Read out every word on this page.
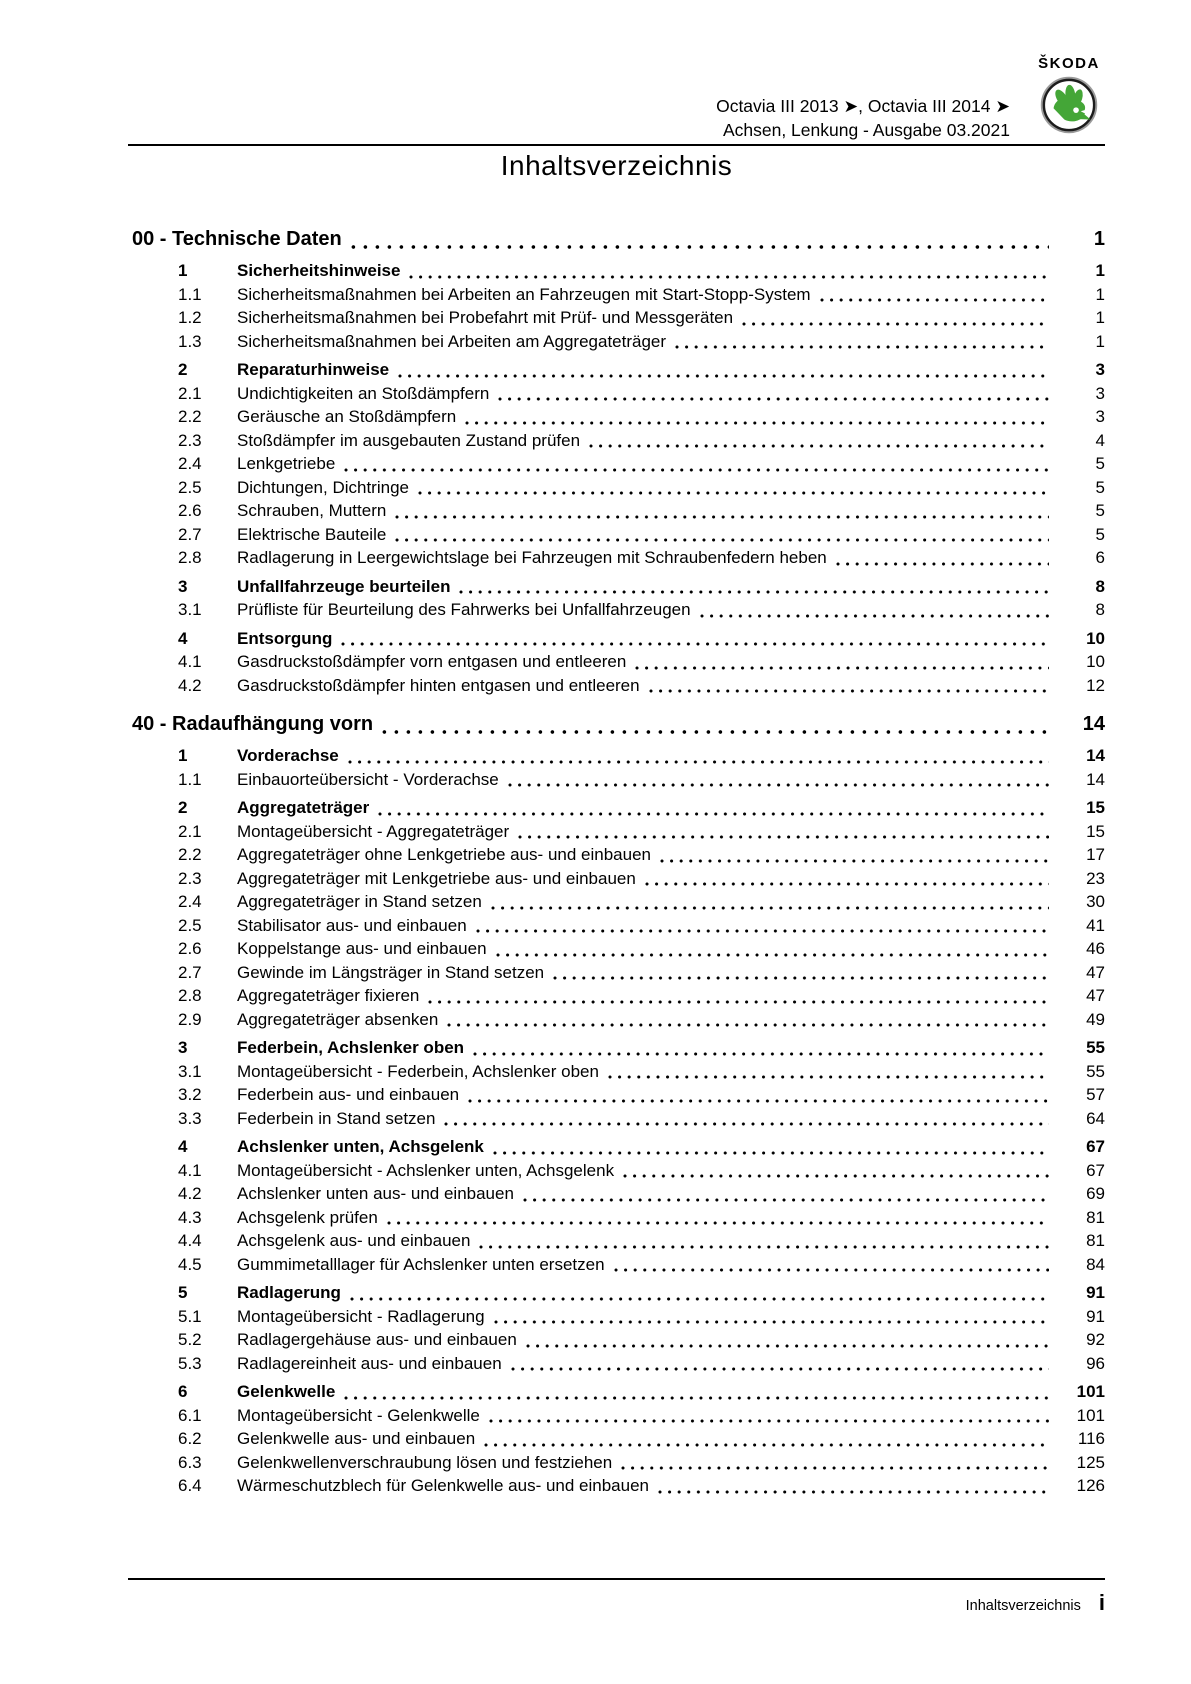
Octavia III 2013 ➤, Octavia III 2014 ➤
Achsen, Lenkung - Ausgabe 03.2021
ŠKODA
Inhaltsverzeichnis
00 - Technische Daten	1
1	Sicherheitshinweise	1
1.1	Sicherheitsmaßnahmen bei Arbeiten an Fahrzeugen mit Start-Stopp-System	1
1.2	Sicherheitsmaßnahmen bei Probefahrt mit Prüf- und Messgeräten	1
1.3	Sicherheitsmaßnahmen bei Arbeiten am Aggregateträger	1
2	Reparaturhinweise	3
2.1	Undichtigkeiten an Stoßdämpfern	3
2.2	Geräusche an Stoßdämpfern	3
2.3	Stoßdämpfer im ausgebauten Zustand prüfen	4
2.4	Lenkgetriebe	5
2.5	Dichtungen, Dichtringe	5
2.6	Schrauben, Muttern	5
2.7	Elektrische Bauteile	5
2.8	Radlagerung in Leergewichtslage bei Fahrzeugen mit Schraubenfedern heben	6
3	Unfallfahrzeuge beurteilen	8
3.1	Prüfliste für Beurteilung des Fahrwerks bei Unfallfahrzeugen	8
4	Entsorgung	10
4.1	Gasdruckstoßdämpfer vorn entgasen und entleeren	10
4.2	Gasdruckstoßdämpfer hinten entgasen und entleeren	12
40 - Radaufhängung vorn	14
1	Vorderachse	14
1.1	Einbauorteübersicht - Vorderachse	14
2	Aggregateträger	15
2.1	Montageübersicht - Aggregateträger	15
2.2	Aggregateträger ohne Lenkgetriebe aus- und einbauen	17
2.3	Aggregateträger mit Lenkgetriebe aus- und einbauen	23
2.4	Aggregateträger in Stand setzen	30
2.5	Stabilisator aus- und einbauen	41
2.6	Koppelstange aus- und einbauen	46
2.7	Gewinde im Längsträger in Stand setzen	47
2.8	Aggregateträger fixieren	47
2.9	Aggregateträger absenken	49
3	Federbein, Achslenker oben	55
3.1	Montageübersicht - Federbein, Achslenker oben	55
3.2	Federbein aus- und einbauen	57
3.3	Federbein in Stand setzen	64
4	Achslenker unten, Achsgelenk	67
4.1	Montageübersicht - Achslenker unten, Achsgelenk	67
4.2	Achslenker unten aus- und einbauen	69
4.3	Achsgelenk prüfen	81
4.4	Achsgelenk aus- und einbauen	81
4.5	Gummimetalllager für Achslenker unten ersetzen	84
5	Radlagerung	91
5.1	Montageübersicht - Radlagerung	91
5.2	Radlagergehäuse aus- und einbauen	92
5.3	Radlagereinheit aus- und einbauen	96
6	Gelenkwelle	101
6.1	Montageübersicht - Gelenkwelle	101
6.2	Gelenkwelle aus- und einbauen	116
6.3	Gelenkwellenverschraubung lösen und festziehen	125
6.4	Wärmeschutzblech für Gelenkwelle aus- und einbauen	126
Inhaltsverzeichnis i
